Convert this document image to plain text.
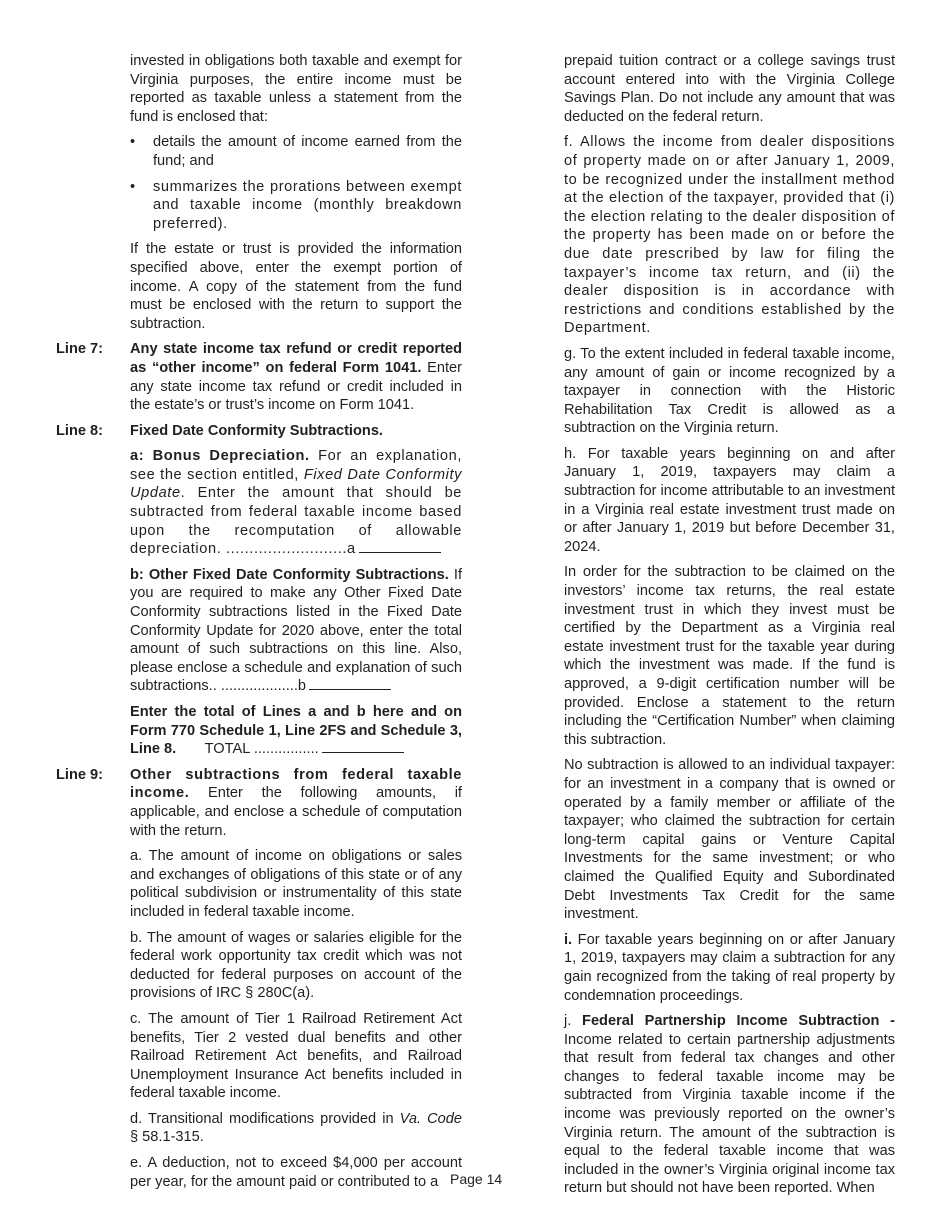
invested in obligations both taxable and exempt for Virginia purposes, the entire income must be reported as taxable unless a statement from the fund is enclosed that:

• details the amount of income earned from the fund; and
• summarizes the prorations between exempt and taxable income (monthly breakdown preferred).

If the estate or trust is provided the information specified above, enter the exempt portion of income. A copy of the statement from the fund must be enclosed with the return to support the subtraction.

Line 7: Any state income tax refund or credit reported as “other income” on federal Form 1041. Enter any state income tax refund or credit included in the estate’s or trust’s income on Form 1041.
Line 8: Fixed Date Conformity Subtractions.

a: Bonus Depreciation. For an explanation, see the section entitled, Fixed Date Conformity Update. Enter the amount that should be subtracted from federal taxable income based upon the recomputation of allowable depreciation. ..........................a

b: Other Fixed Date Conformity Subtractions. If you are required to make any Other Fixed Date Conformity subtractions listed in the Fixed Date Conformity Update for 2020 above, enter the total amount of such subtractions on this line. Also, please enclose a schedule and explanation of such subtractions.. ...................b

Enter the total of Lines a and b here and on Form 770 Schedule 1, Line 2FS and Schedule 3, Line 8. TOTAL ................

Line 9: Other subtractions from federal taxable income. Enter the following amounts, if applicable, and enclose a schedule of computation with the return.

a. The amount of income on obligations or sales and exchanges of obligations of this state or of any political subdivision or instrumentality of this state included in federal taxable income.

b. The amount of wages or salaries eligible for the federal work opportunity tax credit which was not deducted for federal purposes on account of the provisions of IRC § 280C(a).

c. The amount of Tier 1 Railroad Retirement Act benefits, Tier 2 vested dual benefits and other Railroad Retirement Act benefits, and Railroad Unemployment Insurance Act benefits included in federal taxable income.

d. Transitional modifications provided in Va. Code § 58.1-315.

e. A deduction, not to exceed $4,000 per account per year, for the amount paid or contributed to a

prepaid tuition contract or a college savings trust account entered into with the Virginia College Savings Plan. Do not include any amount that was deducted on the federal return.

f. Allows the income from dealer dispositions of property made on or after January 1, 2009, to be recognized under the installment method at the election of the taxpayer, provided that (i) the election relating to the dealer disposition of the property has been made on or before the due date prescribed by law for filing the taxpayer’s income tax return, and (ii) the dealer disposition is in accordance with restrictions and conditions established by the Department.

g. To the extent included in federal taxable income, any amount of gain or income recognized by a taxpayer in connection with the Historic Rehabilitation Tax Credit is allowed as a subtraction on the Virginia return.

h. For taxable years beginning on and after January 1, 2019, taxpayers may claim a subtraction for income attributable to an investment in a Virginia real estate investment trust made on or after January 1, 2019 but before December 31, 2024.

In order for the subtraction to be claimed on the investors’ income tax returns, the real estate investment trust in which they invest must be certified by the Department as a Virginia real estate investment trust for the taxable year during which the investment was made. If the fund is approved, a 9-digit certification number will be provided. Enclose a statement to the return including the “Certification Number” when claiming this subtraction.

No subtraction is allowed to an individual taxpayer: for an investment in a company that is owned or operated by a family member or affiliate of the taxpayer; who claimed the subtraction for certain long-term capital gains or Venture Capital Investments for the same investment; or who claimed the Qualified Equity and Subordinated Debt Investments Tax Credit for the same investment.

i. For taxable years beginning on or after January 1, 2019, taxpayers may claim a subtraction for any gain recognized from the taking of real property by condemnation proceedings.

j. Federal Partnership Income Subtraction - Income related to certain partnership adjustments that result from federal tax changes and other changes to federal taxable income may be subtracted from Virginia taxable income if the income was previously reported on the owner’s Virginia return. The amount of the subtraction is equal to the federal taxable income that was included in the owner’s Virginia original income tax return but should not have been reported. When

Page 14
